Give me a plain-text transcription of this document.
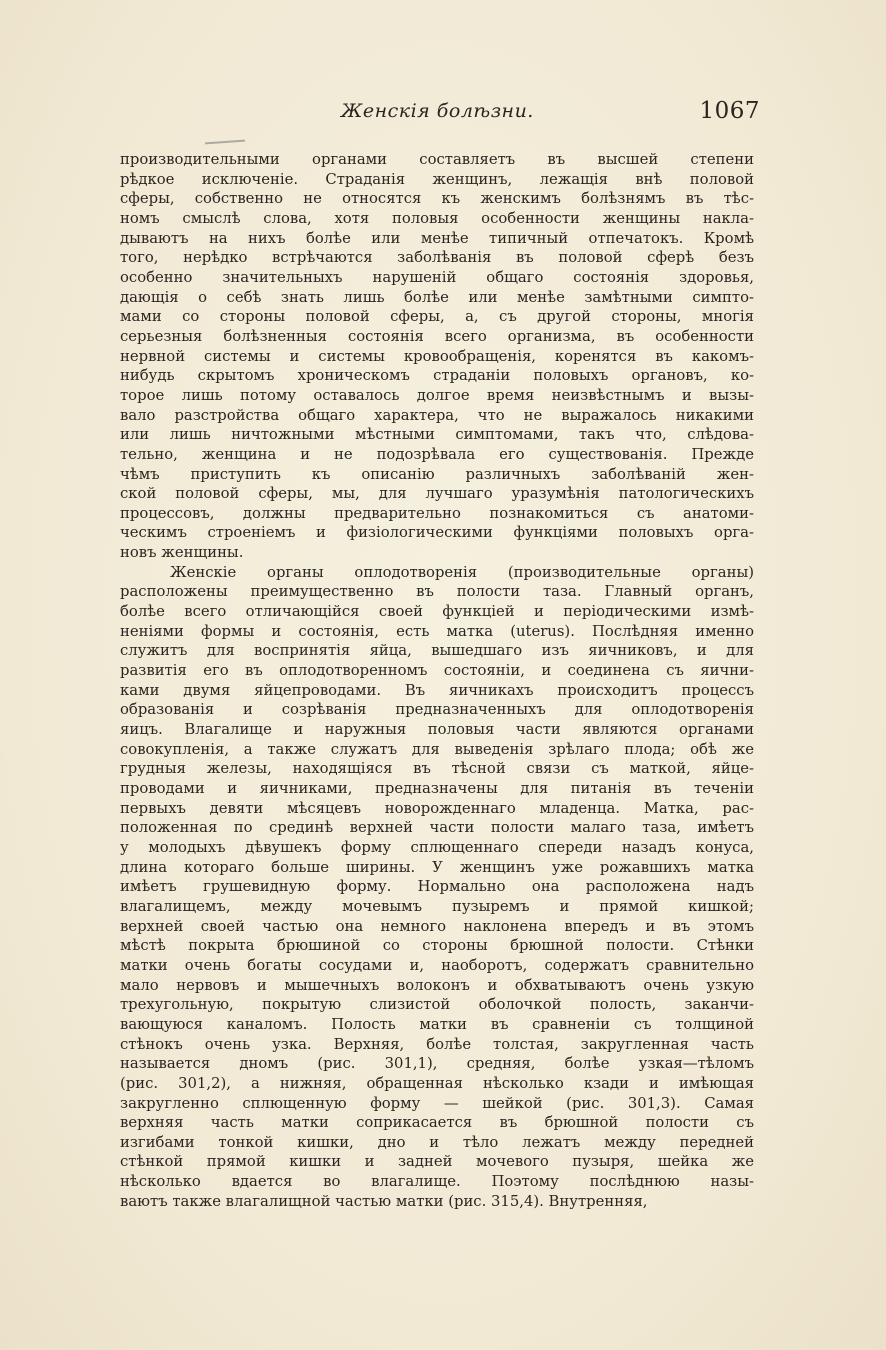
Женскія болѣзни.	1067
производительными органами составляетъ въ высшей степени
рѣдкое исключеніе. Страданія женщинъ, лежащія внѣ половой
сферы, собственно не относятся къ женскимъ болѣзнямъ въ тѣс-
номъ смыслѣ слова, хотя половыя особенности женщины накла-
дываютъ на нихъ болѣе или менѣе типичный отпечатокъ. Кромѣ
того, нерѣдко встрѣчаются заболѣванія въ половой сферѣ безъ
особенно значительныхъ нарушеній общаго состоянія здоровья,
дающія о себѣ знать лишь болѣе или менѣе замѣтными симпто-
мами со стороны половой сферы, а, съ другой стороны, многія
серьезныя болѣзненныя состоянія всего организма, въ особенности
нервной системы и системы кровообращенія, коренятся въ какомъ-
нибудь скрытомъ хроническомъ страданіи половыхъ органовъ, ко-
торое лишь потому оставалось долгое время неизвѣстнымъ и вызы-
вало разстройства общаго характера, что не выражалось никакими
или лишь ничтожными мѣстными симптомами, такъ что, слѣдова-
тельно, женщина и не подозрѣвала его существованія. Прежде
чѣмъ приступить къ описанію различныхъ заболѣваній жен-
ской половой сферы, мы, для лучшаго уразумѣнія патологическихъ
процессовъ, должны предварительно познакомиться съ анатоми-
ческимъ строеніемъ и физіологическими функціями половыхъ орга-
новъ женщины.
Женскіе органы оплодотворенія (производительные органы)
расположены преимущественно въ полости таза. Главный органъ,
болѣе всего отличающійся своей функціей и періодическими измѣ-
неніями формы и состоянія, есть матка (uterus). Послѣдняя именно
служитъ для воспринятія яйца, вышедшаго изъ яичниковъ, и для
развитія его въ оплодотворенномъ состояніи, и соединена съ яични-
ками двумя яйцепроводами. Въ яичникахъ происходитъ процессъ
образованія и созрѣванія предназначенныхъ для оплодотворенія
яицъ. Влагалище и наружныя половыя части являются органами
совокупленія, а также служатъ для выведенія зрѣлаго плода; обѣ же
грудныя железы, находящіяся въ тѣсной связи съ маткой, яйце-
проводами и яичниками, предназначены для питанія въ теченіи
первыхъ девяти мѣсяцевъ новорожденнаго младенца. Матка, рас-
положенная по срединѣ верхней части полости малаго таза, имѣетъ
у молодыхъ дѣвушекъ форму сплющеннаго спереди назадъ конуса,
длина котораго больше ширины. У женщинъ уже рожавшихъ матка
имѣетъ грушевидную форму. Нормально она расположена надъ
влагалищемъ, между мочевымъ пузыремъ и прямой кишкой;
верхней своей частью она немного наклонена впередъ и въ этомъ
мѣстѣ покрыта брюшиной со стороны брюшной полости. Стѣнки
матки очень богаты сосудами и, наоборотъ, содержатъ сравнительно
мало нервовъ и мышечныхъ волоконъ и обхватываютъ очень узкую
трехугольную, покрытую слизистой оболочкой полость, заканчи-
вающуюся каналомъ. Полость матки въ сравненіи съ толщиной
стѣнокъ очень узка. Верхняя, болѣе толстая, закругленная часть
называется дномъ (рис. 301,1), средняя, болѣе узкая—тѣломъ
(рис. 301,2), а нижняя, обращенная нѣсколько кзади и имѣющая
закругленно сплющенную форму — шейкой (рис. 301,3). Самая
верхняя часть матки соприкасается въ брюшной полости съ
изгибами тонкой кишки, дно и тѣло лежатъ между передней
стѣнкой прямой кишки и задней мочевого пузыря, шейка же
нѣсколько вдается во влагалище. Поэтому послѣднюю назы-
ваютъ также влагалищной частью матки (рис. 315,4). Внутренняя,
